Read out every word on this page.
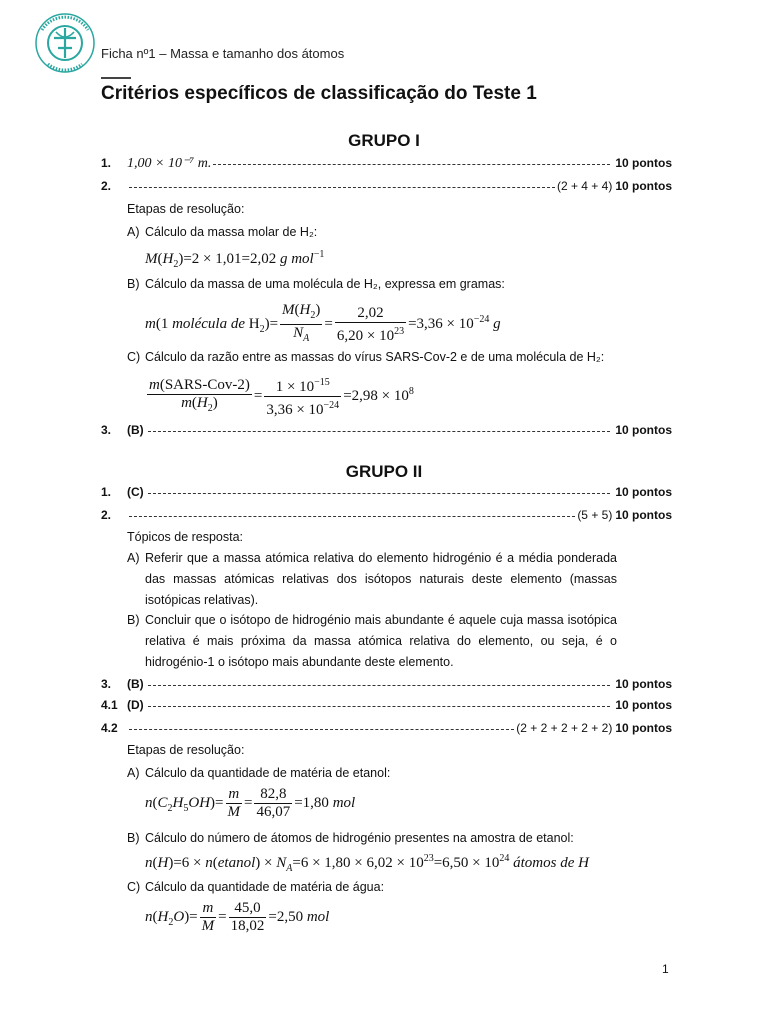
Ficha nº1 – Massa e tamanho dos átomos
Critérios específicos de classificação do Teste 1
GRUPO I
1.	1,00 × 10⁻⁷ m.	10 pontos
2.	(2 + 4 + 4) 10 pontos
Etapas de resolução:
A) Cálculo da massa molar de H₂:
$M(H_2)=2 \times 1,01=2,02$ g mol$^{-1}$
B) Cálculo da massa de uma molécula de H₂, expressa em gramas:
m(1 molécula de $H_2)= \frac{M(H_2)}{N_A} = \frac{2,02}{6,20 \times 10^{23}} =3,36 \times 10^{-24}$ g
C) Cálculo da razão entre as massas do vírus SARS-Cov-2 e de uma molécula de H₂:
$\frac{\text{m(SARS-Cov-2)}}{m(H_2)} = \frac{1 \times 10^{-15}}{3,36 \times 10^{-24}} =2,98 \times 10^8$
3.	(B)	10 pontos
GRUPO II
1.	(C)	10 pontos
2.	(5 + 5) 10 pontos
Tópicos de resposta:
A) Referir que a massa atómica relativa do elemento hidrogénio é a média ponderada das massas atómicas relativas dos isótopos naturais deste elemento (massas isotópicas relativas).
B) Concluir que o isótopo de hidrogénio mais abundante é aquele cuja massa isotópica relativa é mais próxima da massa atómica relativa do elemento, ou seja, é o hidrogénio-1 o isótopo mais abundante deste elemento.
3.	(B)	10 pontos
4.1 (D)	10 pontos
4.2	(2 + 2 + 2 + 2 + 2) 10 pontos
Etapas de resolução:
A) Cálculo da quantidade de matéria de etanol:
$n(C_2H_5OH)= \frac{m}{M} = \frac{82,8}{46,07} =1,80$ mol
B) Cálculo do número de átomos de hidrogénio presentes na amostra de etanol:
n(H)=6 × n(etanol) × $N_A=6 \times 1,80 \times 6,02 \times 10^{23}=6,50 \times 10^{24}$ átomos de H
C) Cálculo da quantidade de matéria de água:
$n(H_2O)= \frac{m}{M} = \frac{45,0}{18,02} =2,50$ mol
1
